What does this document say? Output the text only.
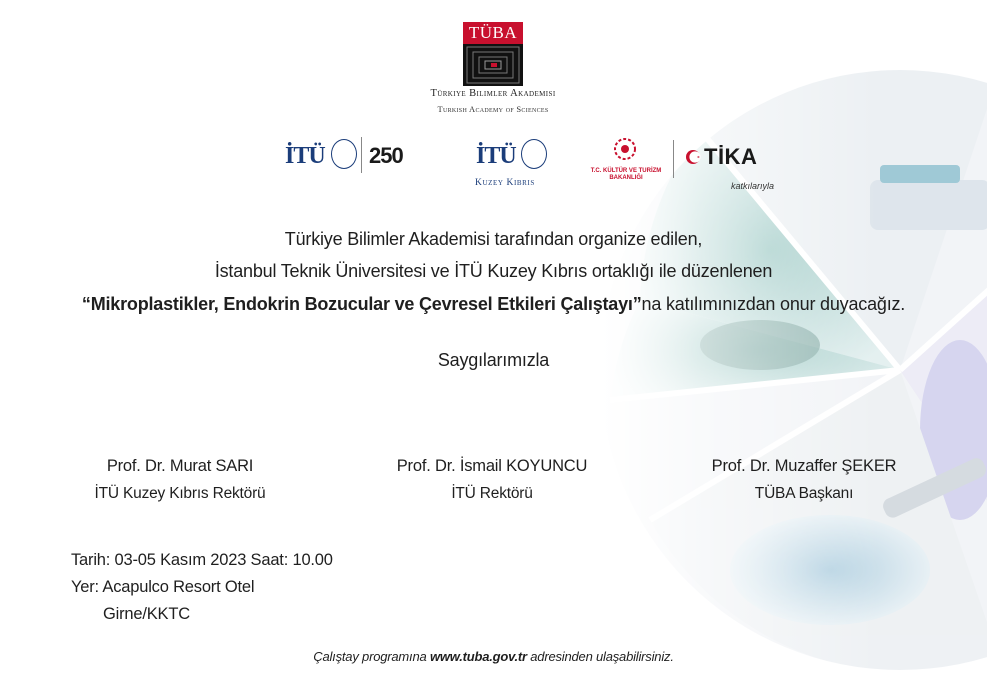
TÜBA
Türkiye Bilimler Akademisi
Turkish Academy of Sciences
İTÜ 250	İTÜ
Kuzey Kıbrıs
T.C. KÜLTÜR VE TURİZM
BAKANLIĞI
TİKA
katkılarıyla
Türkiye Bilimler Akademisi tarafından organize edilen,
İstanbul Teknik Üniversitesi ve İTÜ Kuzey Kıbrıs ortaklığı ile düzenlenen
“Mikroplastikler, Endokrin Bozucular ve Çevresel Etkileri Çalıştayı”na katılımınızdan onur duyacağız.
Saygılarımızla
Prof. Dr. Murat SARI
İTÜ Kuzey Kıbrıs Rektörü
Prof. Dr. İsmail KOYUNCU
İTÜ Rektörü
Prof. Dr. Muzaffer ŞEKER
TÜBA Başkanı
Tarih: 03-05 Kasım 2023 Saat: 10.00
Yer: Acapulco Resort Otel
Girne/KKTC
Çalıştay programına www.tuba.gov.tr adresinden ulaşabilirsiniz.
